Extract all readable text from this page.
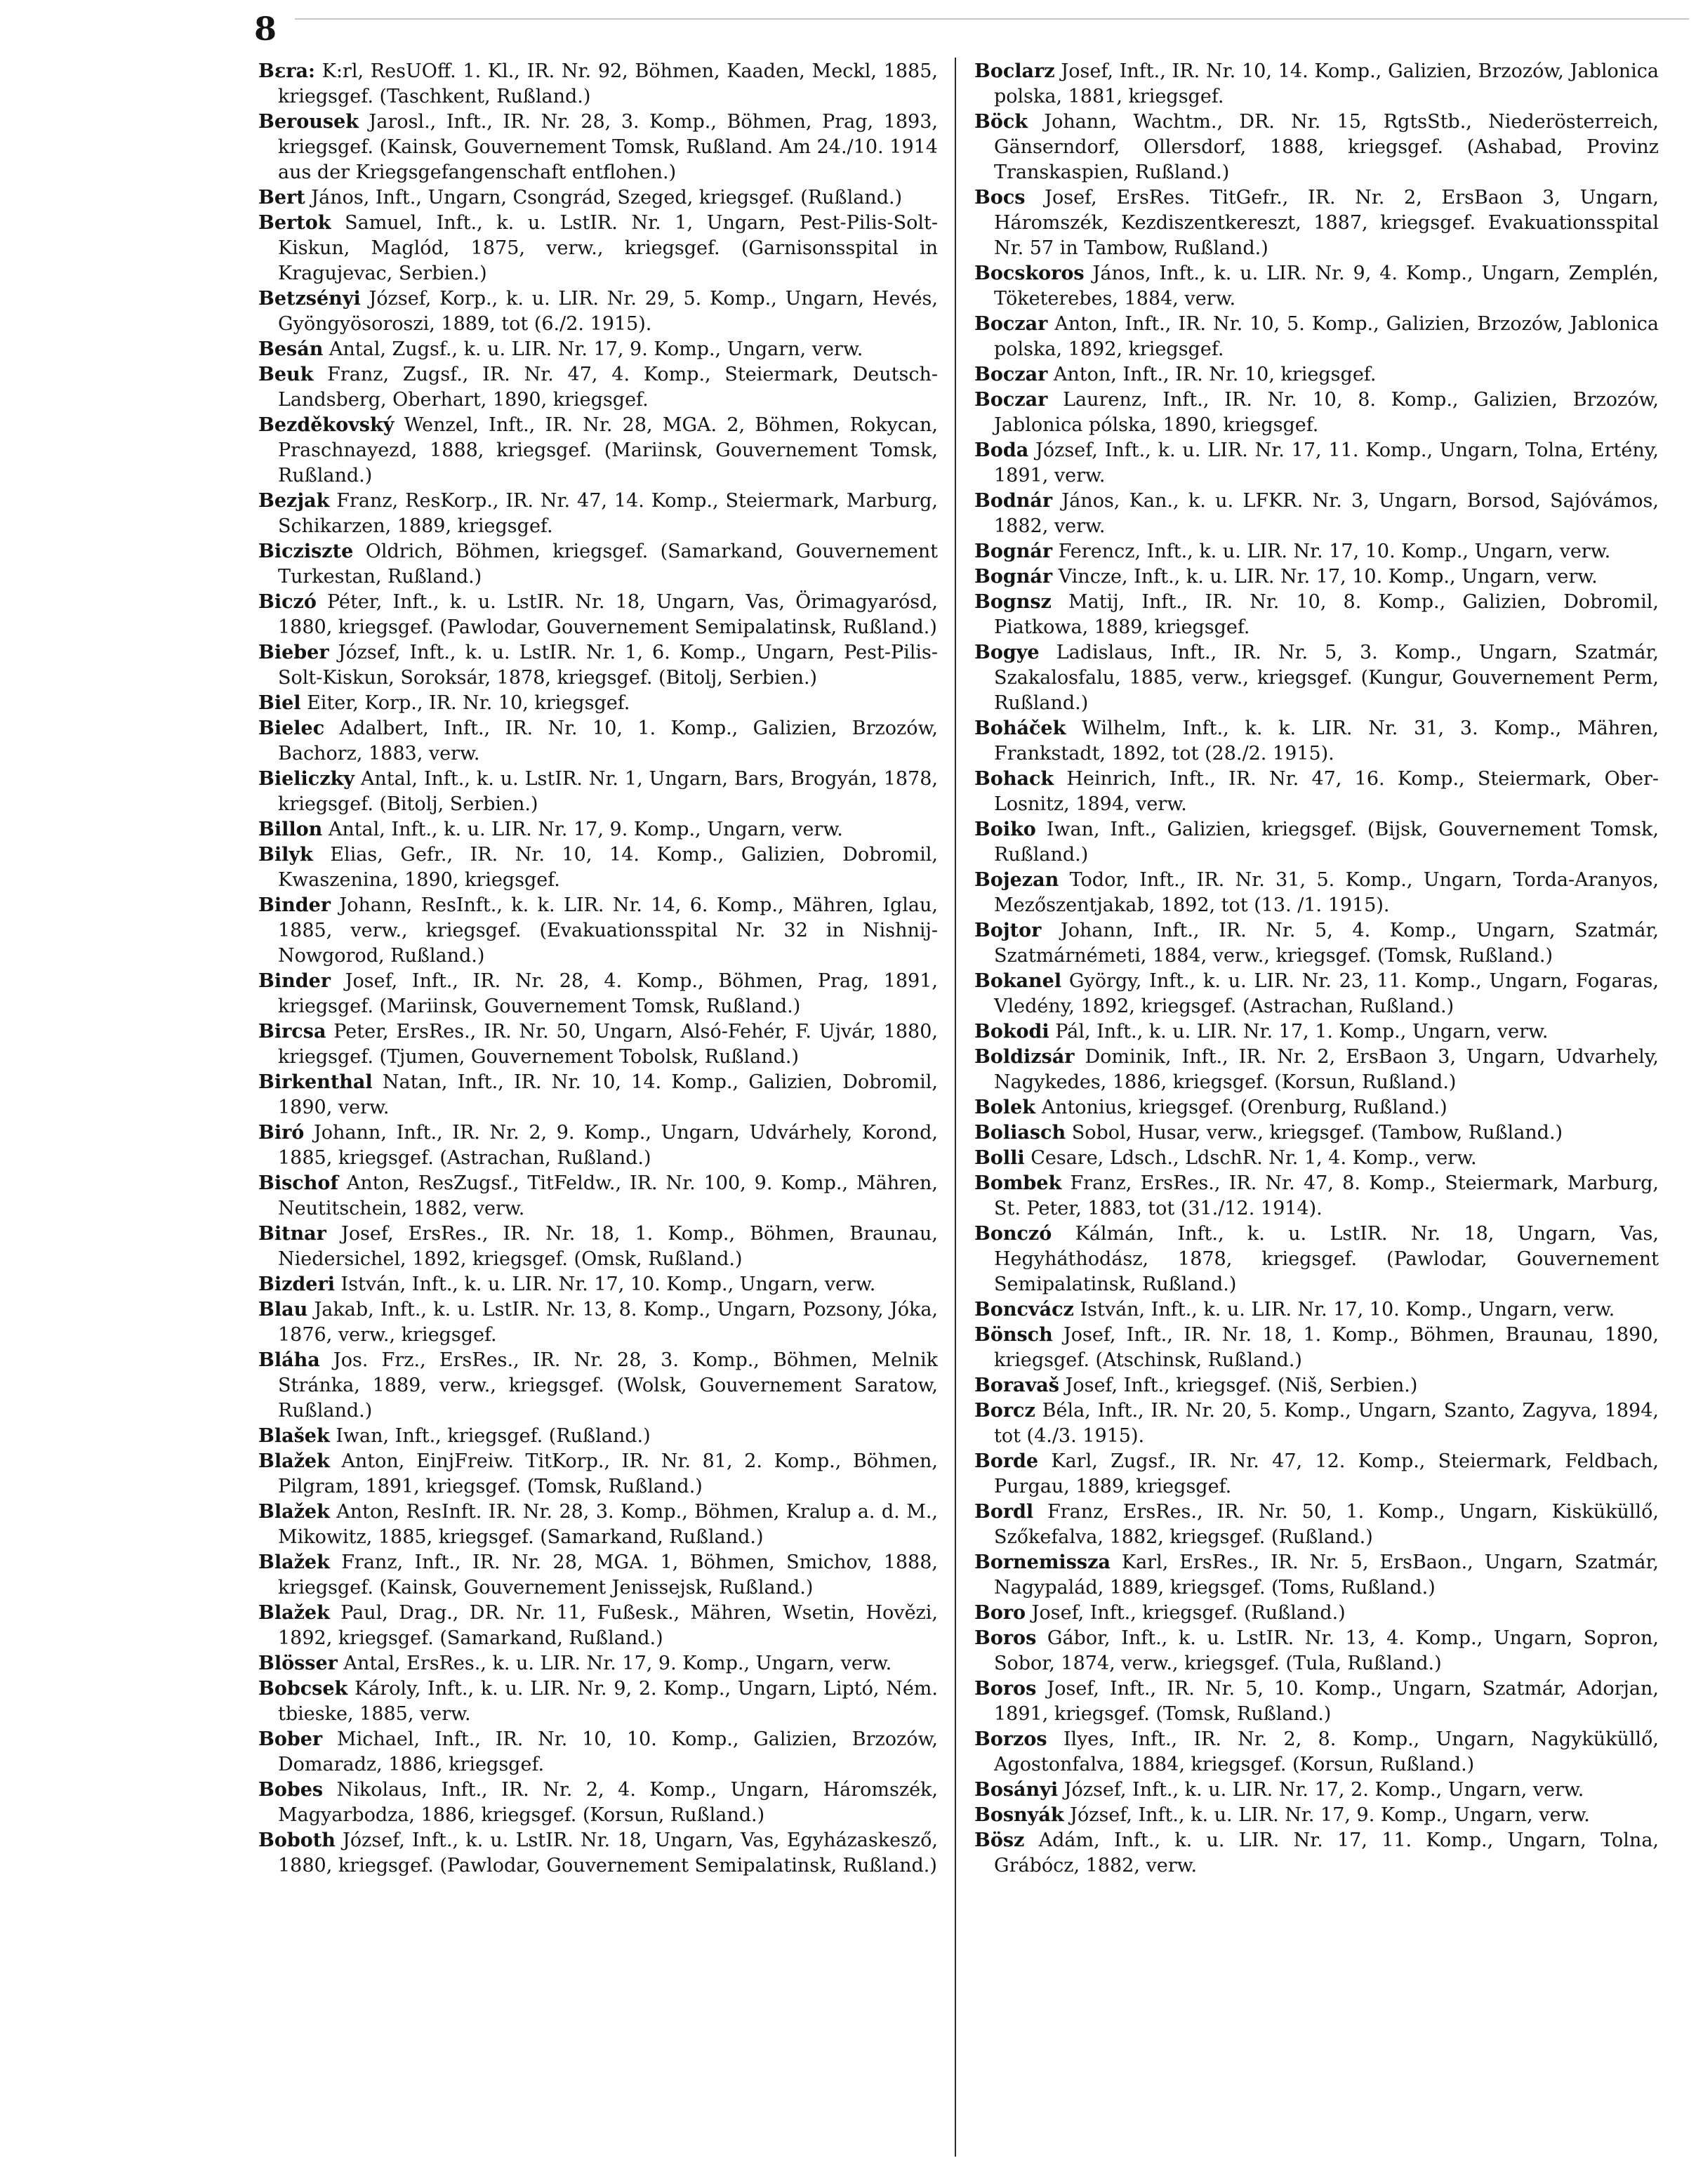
8

Bɛra: K:rl, ResUOff. 1. Kl., IR. Nr. 92, Böhmen, Kaaden, Meckl, 1885, kriegsgef. (Taschkent, Rußland.)

Berousek Jarosl., Inft., IR. Nr. 28, 3. Komp., Böhmen, Prag, 1893, kriegsgef. (Kainsk, Gouvernement Tomsk, Rußland. Am 24./10. 1914 aus der Kriegsgefangenschaft entflohen.)

Bert János, Inft., Ungarn, Csongrád, Szeged, kriegsgef. (Rußland.)

Bertok Samuel, Inft., k. u. LstIR. Nr. 1, Ungarn, Pest-Pilis-Solt-Kiskun, Maglód, 1875, verw., kriegsgef. (Garnisonsspital in Kragujevac, Serbien.)

Betzsényi József, Korp., k. u. LIR. Nr. 29, 5. Komp., Ungarn, Hevés, Gyöngyösoroszi, 1889, tot (6./2. 1915).

Besán Antal, Zugsf., k. u. LIR. Nr. 17, 9. Komp., Ungarn, verw.

Beuk Franz, Zugsf., IR. Nr. 47, 4. Komp., Steiermark, Deutsch-Landsberg, Oberhart, 1890, kriegsgef.

Bezděkovský Wenzel, Inft., IR. Nr. 28, MGA. 2, Böhmen, Rokycan, Praschnayezd, 1888, kriegsgef. (Mariinsk, Gouvernement Tomsk, Rußland.)

Bezjak Franz, ResKorp., IR. Nr. 47, 14. Komp., Steiermark, Marburg, Schikarzen, 1889, kriegsgef.

Bicziszte Oldrich, Böhmen, kriegsgef. (Samarkand, Gouvernement Turkestan, Rußland.)

Biczó Péter, Inft., k. u. LstIR. Nr. 18, Ungarn, Vas, Örimagyarósd, 1880, kriegsgef. (Pawlodar, Gouvernement Semipalatinsk, Rußland.)

Bieber József, Inft., k. u. LstIR. Nr. 1, 6. Komp., Ungarn, Pest-Pilis-Solt-Kiskun, Soroksár, 1878, kriegsgef. (Bitolj, Serbien.)

Biel Eiter, Korp., IR. Nr. 10, kriegsgef.

Bielec Adalbert, Inft., IR. Nr. 10, 1. Komp., Galizien, Brzozów, Bachorz, 1883, verw.

Bieliczky Antal, Inft., k. u. LstIR. Nr. 1, Ungarn, Bars, Brogyán, 1878, kriegsgef. (Bitolj, Serbien.)

Billon Antal, Inft., k. u. LIR. Nr. 17, 9. Komp., Ungarn, verw.

Bilyk Elias, Gefr., IR. Nr. 10, 14. Komp., Galizien, Dobromil, Kwaszenina, 1890, kriegsgef.

Binder Johann, ResInft., k. k. LIR. Nr. 14, 6. Komp., Mähren, Iglau, 1885, verw., kriegsgef. (Evakuationsspital Nr. 32 in Nishnij-Nowgorod, Rußland.)

Binder Josef, Inft., IR. Nr. 28, 4. Komp., Böhmen, Prag, 1891, kriegsgef. (Mariinsk, Gouvernement Tomsk, Rußland.)

Bircsa Peter, ErsRes., IR. Nr. 50, Ungarn, Alsó-Fehér, F. Ujvár, 1880, kriegsgef. (Tjumen, Gouvernement Tobolsk, Rußland.)

Birkenthal Natan, Inft., IR. Nr. 10, 14. Komp., Galizien, Dobromil, 1890, verw.

Biró Johann, Inft., IR. Nr. 2, 9. Komp., Ungarn, Udvárhely, Korond, 1885, kriegsgef. (Astrachan, Rußland.)

Bischof Anton, ResZugsf., TitFeldw., IR. Nr. 100, 9. Komp., Mähren, Neutitschein, 1882, verw.

Bitnar Josef, ErsRes., IR. Nr. 18, 1. Komp., Böhmen, Braunau, Niedersichel, 1892, kriegsgef. (Omsk, Rußland.)

Bizderi István, Inft., k. u. LIR. Nr. 17, 10. Komp., Ungarn, verw.

Blau Jakab, Inft., k. u. LstIR. Nr. 13, 8. Komp., Ungarn, Pozsony, Jóka, 1876, verw., kriegsgef.

Bláha Jos. Frz., ErsRes., IR. Nr. 28, 3. Komp., Böhmen, Melnik Stránka, 1889, verw., kriegsgef. (Wolsk, Gouvernement Saratow, Rußland.)

Blašek Iwan, Inft., kriegsgef. (Rußland.)

Blažek Anton, EinjFreiw. TitKorp., IR. Nr. 81, 2. Komp., Böhmen, Pilgram, 1891, kriegsgef. (Tomsk, Rußland.)

Blažek Anton, ResInft. IR. Nr. 28, 3. Komp., Böhmen, Kralup a. d. M., Mikowitz, 1885, kriegsgef. (Samarkand, Rußland.)

Blažek Franz, Inft., IR. Nr. 28, MGA. 1, Böhmen, Smichov, 1888, kriegsgef. (Kainsk, Gouvernement Jenissejsk, Rußland.)

Blažek Paul, Drag., DR. Nr. 11, Fußesk., Mähren, Wsetin, Hovězi, 1892, kriegsgef. (Samarkand, Rußland.)

Blösser Antal, ErsRes., k. u. LIR. Nr. 17, 9. Komp., Ungarn, verw.

Bobcsek Károly, Inft., k. u. LIR. Nr. 9, 2. Komp., Ungarn, Liptó, Ném. tbieske, 1885, verw.

Bober Michael, Inft., IR. Nr. 10, 10. Komp., Galizien, Brzozów, Domaradz, 1886, kriegsgef.

Bobes Nikolaus, Inft., IR. Nr. 2, 4. Komp., Ungarn, Háromszék, Magyarbodza, 1886, kriegsgef. (Korsun, Rußland.)

Boboth József, Inft., k. u. LstIR. Nr. 18, Ungarn, Vas, Egyházaskesző, 1880, kriegsgef. (Pawlodar, Gouvernement Semipalatinsk, Rußland.)

Boclarz Josef, Inft., IR. Nr. 10, 14. Komp., Galizien, Brzozów, Jablonica polska, 1881, kriegsgef.

Böck Johann, Wachtm., DR. Nr. 15, RgtsStb., Niederösterreich, Gänserndorf, Ollersdorf, 1888, kriegsgef. (Ashabad, Provinz Transkaspien, Rußland.)

Bocs Josef, ErsRes. TitGefr., IR. Nr. 2, ErsBaon 3, Ungarn, Háromszék, Kezdiszentkereszt, 1887, kriegsgef. Evakuationsspital Nr. 57 in Tambow, Rußland.)

Bocskoros János, Inft., k. u. LIR. Nr. 9, 4. Komp., Ungarn, Zemplén, Töketerebes, 1884, verw.

Boczar Anton, Inft., IR. Nr. 10, 5. Komp., Galizien, Brzozów, Jablonica polska, 1892, kriegsgef.

Boczar Anton, Inft., IR. Nr. 10, kriegsgef.

Boczar Laurenz, Inft., IR. Nr. 10, 8. Komp., Galizien, Brzozów, Jablonica pólska, 1890, kriegsgef.

Boda József, Inft., k. u. LIR. Nr. 17, 11. Komp., Ungarn, Tolna, Ertény, 1891, verw.

Bodnár János, Kan., k. u. LFKR. Nr. 3, Ungarn, Borsod, Sajóvámos, 1882, verw.

Bognár Ferencz, Inft., k. u. LIR. Nr. 17, 10. Komp., Ungarn, verw.

Bognár Vincze, Inft., k. u. LIR. Nr. 17, 10. Komp., Ungarn, verw.

Bognsz Matij, Inft., IR. Nr. 10, 8. Komp., Galizien, Dobromil, Piatkowa, 1889, kriegsgef.

Bogye Ladislaus, Inft., IR. Nr. 5, 3. Komp., Ungarn, Szatmár, Szakalosfalu, 1885, verw., kriegsgef. (Kungur, Gouvernement Perm, Rußland.)

Boháček Wilhelm, Inft., k. k. LIR. Nr. 31, 3. Komp., Mähren, Frankstadt, 1892, tot (28./2. 1915).

Bohack Heinrich, Inft., IR. Nr. 47, 16. Komp., Steiermark, Ober-Losnitz, 1894, verw.

Boiko Iwan, Inft., Galizien, kriegsgef. (Bijsk, Gouvernement Tomsk, Rußland.)

Bojezan Todor, Inft., IR. Nr. 31, 5. Komp., Ungarn, Torda-Aranyos, Mezőszentjakab, 1892, tot (13. /1. 1915).

Bojtor Johann, Inft., IR. Nr. 5, 4. Komp., Ungarn, Szatmár, Szatmárnémeti, 1884, verw., kriegsgef. (Tomsk, Rußland.)

Bokanel György, Inft., k. u. LIR. Nr. 23, 11. Komp., Ungarn, Fogaras, Vledény, 1892, kriegsgef. (Astrachan, Rußland.)

Bokodi Pál, Inft., k. u. LIR. Nr. 17, 1. Komp., Ungarn, verw.

Boldizsár Dominik, Inft., IR. Nr. 2, ErsBaon 3, Ungarn, Udvarhely, Nagykedes, 1886, kriegsgef. (Korsun, Rußland.)

Bolek Antonius, kriegsgef. (Orenburg, Rußland.)

Boliasch Sobol, Husar, verw., kriegsgef. (Tambow, Rußland.)

Bolli Cesare, Ldsch., LdschR. Nr. 1, 4. Komp., verw.

Bombek Franz, ErsRes., IR. Nr. 47, 8. Komp., Steiermark, Marburg, St. Peter, 1883, tot (31./12. 1914).

Bonczó Kálmán, Inft., k. u. LstIR. Nr. 18, Ungarn, Vas, Hegyháthodász, 1878, kriegsgef. (Pawlodar, Gouvernement Semipalatinsk, Rußland.)

Boncvácz István, Inft., k. u. LIR. Nr. 17, 10. Komp., Ungarn, verw.

Bönsch Josef, Inft., IR. Nr. 18, 1. Komp., Böhmen, Braunau, 1890, kriegsgef. (Atschinsk, Rußland.)

Boravaš Josef, Inft., kriegsgef. (Niš, Serbien.)

Borcz Béla, Inft., IR. Nr. 20, 5. Komp., Ungarn, Szanto, Zagyva, 1894, tot (4./3. 1915).

Borde Karl, Zugsf., IR. Nr. 47, 12. Komp., Steiermark, Feldbach, Purgau, 1889, kriegsgef.

Bordl Franz, ErsRes., IR. Nr. 50, 1. Komp., Ungarn, Kisküküllő, Szőkefalva, 1882, kriegsgef. (Rußland.)

Bornemissza Karl, ErsRes., IR. Nr. 5, ErsBaon., Ungarn, Szatmár, Nagypalád, 1889, kriegsgef. (Toms, Rußland.)

Boro Josef, Inft., kriegsgef. (Rußland.)

Boros Gábor, Inft., k. u. LstIR. Nr. 13, 4. Komp., Ungarn, Sopron, Sobor, 1874, verw., kriegsgef. (Tula, Rußland.)

Boros Josef, Inft., IR. Nr. 5, 10. Komp., Ungarn, Szatmár, Adorjan, 1891, kriegsgef. (Tomsk, Rußland.)

Borzos Ilyes, Inft., IR. Nr. 2, 8. Komp., Ungarn, Nagyküküllő, Agostonfalva, 1884, kriegsgef. (Korsun, Rußland.)

Bosányi József, Inft., k. u. LIR. Nr. 17, 2. Komp., Ungarn, verw.

Bosnyák József, Inft., k. u. LIR. Nr. 17, 9. Komp., Ungarn, verw.

Bösz Adám, Inft., k. u. LIR. Nr. 17, 11. Komp., Ungarn, Tolna, Grábócz, 1882, verw.
